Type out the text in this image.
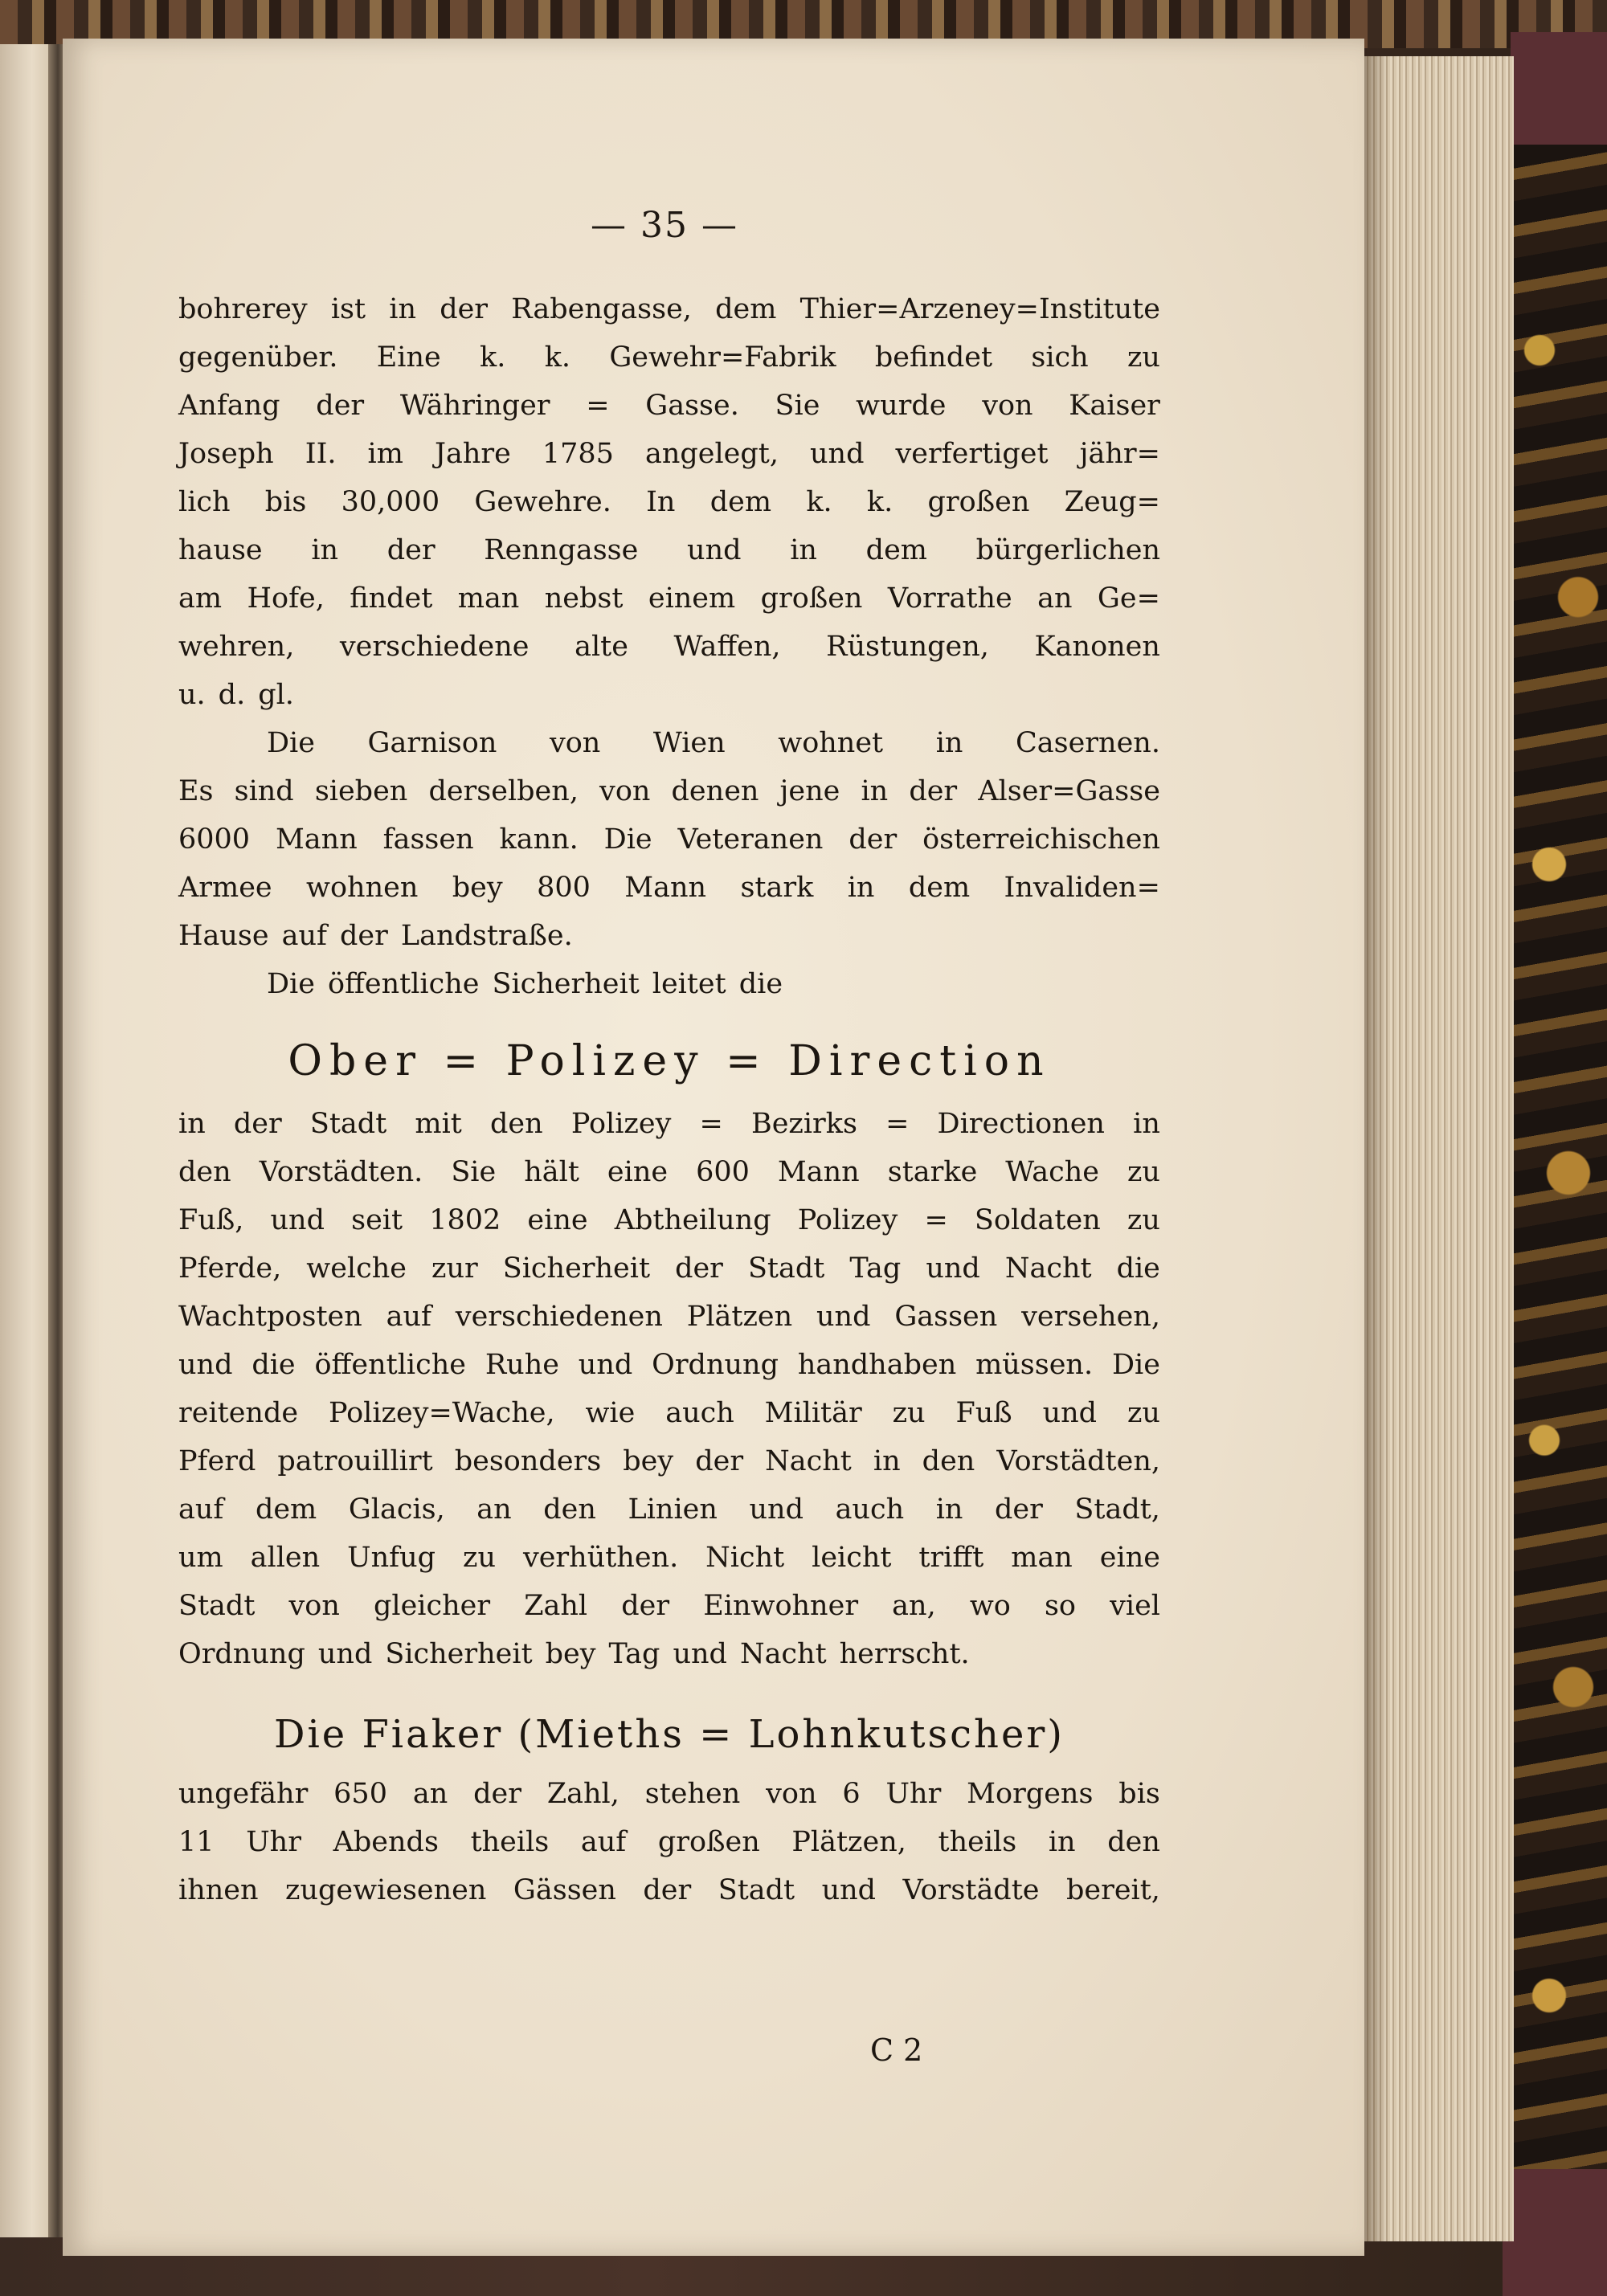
— 35 —
bohrerey ist in der Rabengasse, dem Thier=Arzeney=Institute
gegenüber. Eine k. k. Gewehr=Fabrik befindet sich zu
Anfang der Währinger = Gasse. Sie wurde von Kaiser
Joseph II. im Jahre 1785 angelegt, und verfertiget jähr=
lich bis 30,000 Gewehre. In dem k. k. großen Zeug=
hause in der Renngasse und in dem bürgerlichen
am Hofe, findet man nebst einem großen Vorrathe an Ge=
wehren, verschiedene alte Waffen, Rüstungen, Kanonen
u. d. gl.
Die Garnison von Wien wohnet in Casernen.
Es sind sieben derselben, von denen jene in der Alser=Gasse
6000 Mann fassen kann. Die Veteranen der österreichischen
Armee wohnen bey 800 Mann stark in dem Invaliden=
Hause auf der Landstraße.
Die öffentliche Sicherheit leitet die
Ober = Polizey = Direction
in der Stadt mit den Polizey = Bezirks = Directionen in
den Vorstädten. Sie hält eine 600 Mann starke Wache zu
Fuß, und seit 1802 eine Abtheilung Polizey = Soldaten zu
Pferde, welche zur Sicherheit der Stadt Tag und Nacht die
Wachtposten auf verschiedenen Plätzen und Gassen versehen,
und die öffentliche Ruhe und Ordnung handhaben müssen. Die
reitende Polizey=Wache, wie auch Militär zu Fuß und zu
Pferd patrouillirt besonders bey der Nacht in den Vorstädten,
auf dem Glacis, an den Linien und auch in der Stadt,
um allen Unfug zu verhüthen. Nicht leicht trifft man eine
Stadt von gleicher Zahl der Einwohner an, wo so viel
Ordnung und Sicherheit bey Tag und Nacht herrscht.
Die Fiaker (Mieths = Lohnkutscher)
ungefähr 650 an der Zahl, stehen von 6 Uhr Morgens bis
11 Uhr Abends theils auf großen Plätzen, theils in den
ihnen zugewiesenen Gässen der Stadt und Vorstädte bereit,
C 2
